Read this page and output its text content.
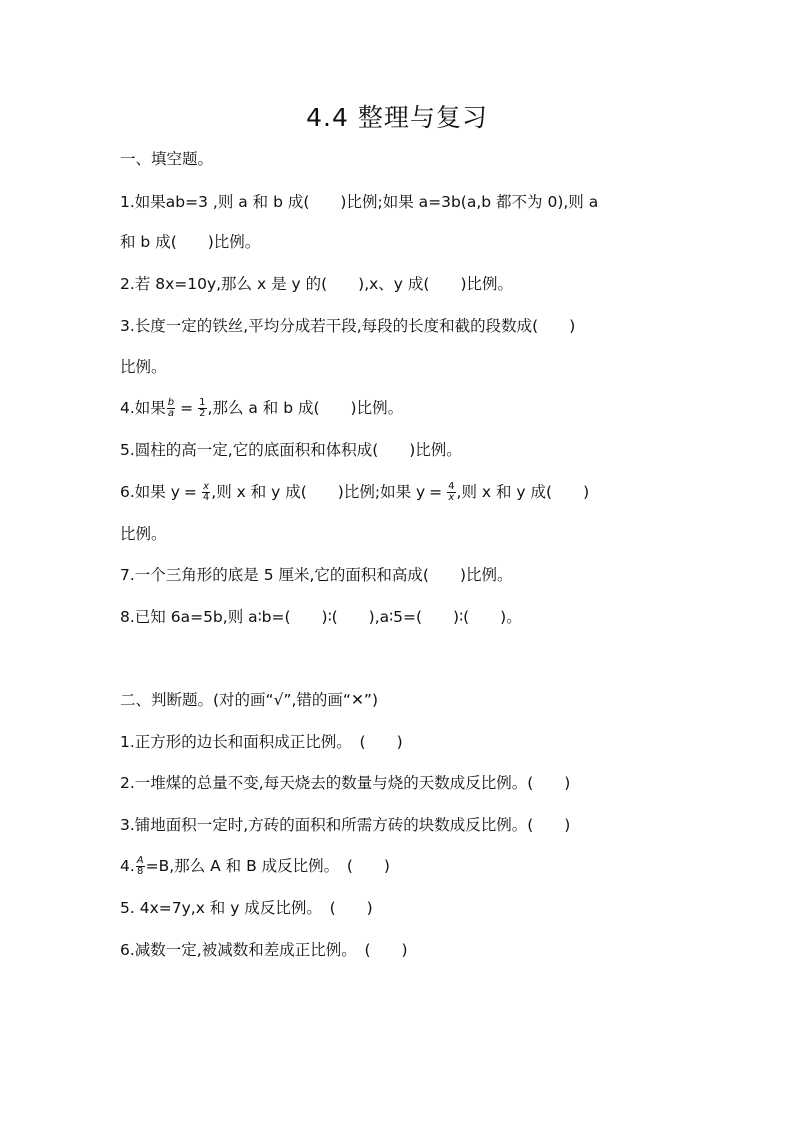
4.4 整理与复习
一、填空题。
1.如果ab=3 ,则 a 和 b 成(　　)比例;如果 a=3b(a,b 都不为 0),则 a
和 b 成(　　)比例。
2.若 8x=10y,那么 x 是 y 的(　　),x、y 成(　　)比例。
3.长度一定的铁丝,平均分成若干段,每段的长度和截的段数成(　　)
比例。
4.如果 $\frac{b}{a} = \frac{1}{2}$ ,那么 a 和 b 成(　　)比例。
5.圆柱的高一定,它的底面积和体积成(　　)比例。
6.如果 $y = \frac{x}{4}$ ,则 x 和 y 成(　　)比例;如果 $y = \frac{4}{x}$ ,则 x 和 y 成(　　)
比例。
7.一个三角形的底是 5 厘米,它的面积和高成(　　)比例。
8.已知 6a=5b,则 a∶b=(　　)∶(　　),a∶5=(　　)∶(　　)。
二、判断题。(对的画“√”,错的画“✕”)
1.正方形的边长和面积成正比例。　(　　)
2.一堆煤的总量不变,每天烧去的数量与烧的天数成反比例。(　　)
3.铺地面积一定时,方砖的面积和所需方砖的块数成反比例。(　　)
4. $\frac{A}{8} =B$,那么 A 和 B 成反比例。　(　　)
5. 4x=7y,x 和 y 成反比例。　(　　)
6.减数一定,被减数和差成正比例。　(　　)
